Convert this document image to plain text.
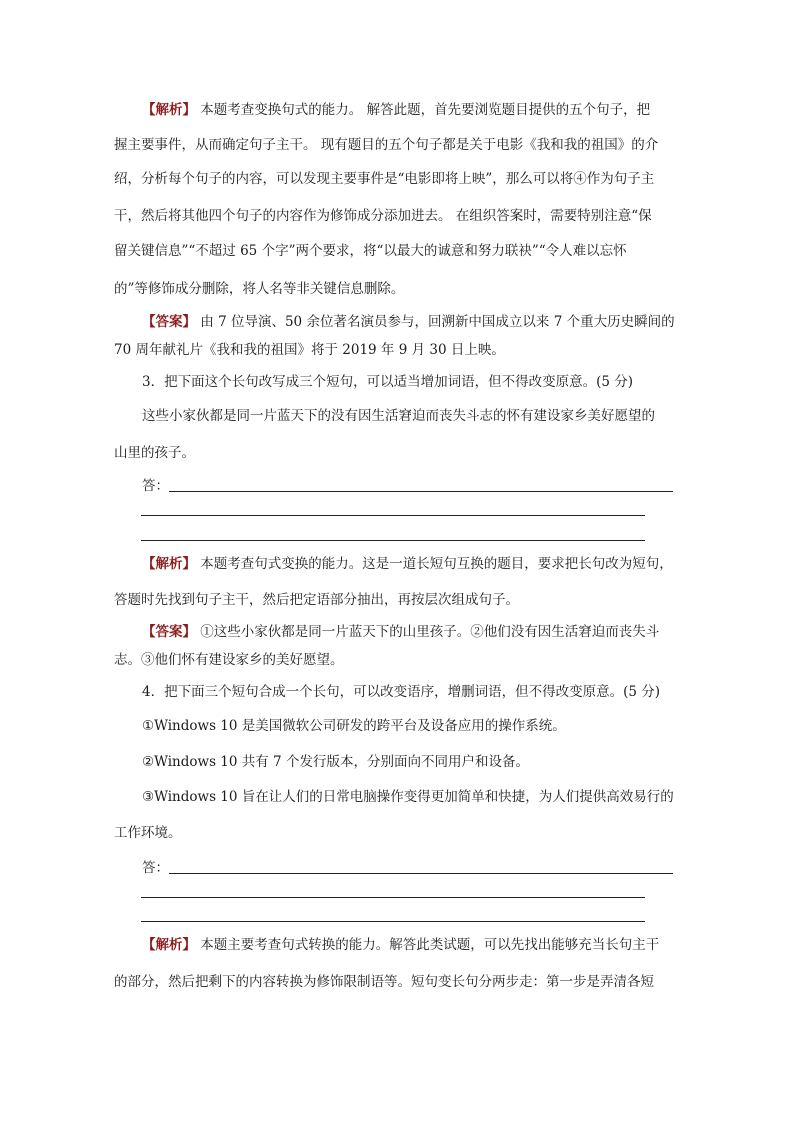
【解析】 本题考查变换句式的能力。 解答此题，首先要浏览题目提供的五个句子，把
握主要事件，从而确定句子主干。 现有题目的五个句子都是关于电影《我和我的祖国》的介
绍，分析每个句子的内容，可以发现主要事件是“电影即将上映”，那么可以将④作为句子主
干，然后将其他四个句子的内容作为修饰成分添加进去。 在组织答案时，需要特别注意“保
留关键信息”“不超过 65 个字”两个要求，将“以最大的诚意和努力联袂”“令人难以忘怀
的”等修饰成分删除，将人名等非关键信息删除。
【答案】 由 7 位导演、50 余位著名演员参与，回溯新中国成立以来 7 个重大历史瞬间的
70 周年献礼片《我和我的祖国》将于 2019 年 9 月 30 日上映。
3．把下面这个长句改写成三个短句，可以适当增加词语，但不得改变原意。(5 分)
这些小家伙都是同一片蓝天下的没有因生活窘迫而丧失斗志的怀有建设家乡美好愿望的
山里的孩子。
答：
【解析】 本题考查句式变换的能力。这是一道长短句互换的题目，要求把长句改为短句，
答题时先找到句子主干，然后把定语部分抽出，再按层次组成句子。
【答案】 ①这些小家伙都是同一片蓝天下的山里孩子。②他们没有因生活窘迫而丧失斗
志。③他们怀有建设家乡的美好愿望。
4．把下面三个短句合成一个长句，可以改变语序，增删词语，但不得改变原意。(5 分)
①Windows 10 是美国微软公司研发的跨平台及设备应用的操作系统。
②Windows 10 共有 7 个发行版本，分别面向不同用户和设备。
③Windows 10 旨在让人们的日常电脑操作变得更加简单和快捷，为人们提供高效易行的
工作环境。
答：
【解析】 本题主要考查句式转换的能力。解答此类试题，可以先找出能够充当长句主干
的部分，然后把剩下的内容转换为修饰限制语等。短句变长句分两步走：第一步是弄清各短
